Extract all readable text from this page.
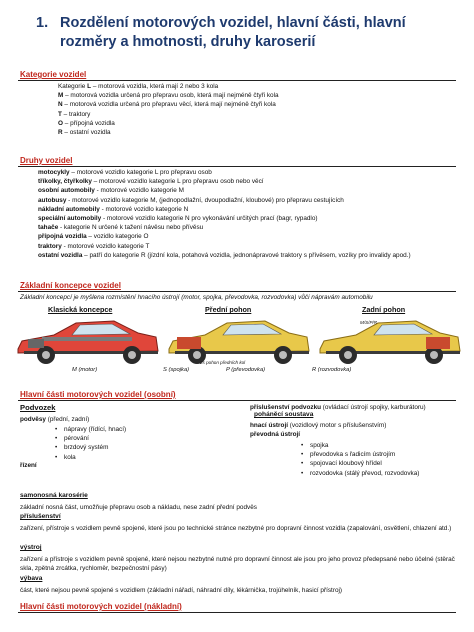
1. Rozdělení motorových vozidel, hlavní části, hlavní
rozměry a hmotnosti, druhy karoserií
Kategorie vozidel
Kategorie L – motorová vozidla, která mají 2 nebo 3 kola
M – motorová vozidla určená pro přepravu osob, která mají nejméně čtyři kola
N – motorová vozidla určená pro přepravu věcí, která mají nejméně čtyři kola
T – traktory
O – přípojná vozidla
R – ostatní vozidla
Druhy vozidel
motocykly – motorové vozidlo kategorie L pro přepravu osob
tříkolky, čtyřkolky – motorové vozidlo kategorie L pro přepravu osob nebo věcí
osobní automobily - motorové vozidlo kategorie M
autobusy - motorové vozidlo kategorie M, (jednopodlažní, dvoupodlažní, kloubové) pro přepravu cestujících
nákladní automobily - motorové vozidlo kategorie N
speciální automobily - motorové vozidlo kategorie N pro vykonávání určitých prací (bagr, rypadlo)
tahače - kategorie N určené k tažení návěsu nebo přívěsu
přípojná vozidla – vozidlo kategorie O
traktory - motorové vozidlo kategorie T
ostatní vozidla – patří do kategorie R (jízdní kola, potahová vozidla, jednonápravové traktory s přívěsem, vozíky pro invalidy apod.)
Základní koncepce vozidel
Základní koncepcí je myšlena rozmístění hnacího ústrojí (motor, spojka, převodovka, rozvodovka) vůči nápravám automobilu
Klasická koncepce	Přední pohon	Zadní pohon
M/S/P/R
2s pohon předních kol
M (motor)	S (spojka)	P (převodovka)	R (rozvodovka)
Hlavní části motorových vozidel (osobní)
Podvozek
podvěsy (přední, zadní)
• nápravy (řídící, hnací)
• pérování
• brzdový systém
• kola
řízení
příslušenství podvozku (ovládací ústrojí spojky, karburátoru)
poháněcí soustava
hnací ústrojí (vozidlový motor s příslušenstvím)
převodná ústrojí
• spojka
• převodovka s řadicím ústrojím
• spojovací kloubový hřídel
• rozvodovka (stálý převod, rozvodovka)
samonosná karosérie
základní nosná část, umožňuje přepravu osob a nákladu, nese zadní přední podvěs
příslušenství
zařízení, přístroje s vozidlem pevně spojené, které jsou po technické stránce nezbytné pro dopravní činnost vozidla (zapalování, osvětlení, chlazení atd.)
výstroj
zařízení a přístroje s vozidlem pevně spojené, které nejsou nezbytné nutné pro dopravní činnost ale jsou pro jeho provoz předepsané nebo účelné (stěrač skla, zpětná zrcátka, rychloměr, bezpečnostní pásy)
výbava
část, které nejsou pevně spojené s vozidlem (základní nářadí, náhradní díly, lékárnička, trojúhelník, hasicí přístroj)
Hlavní části motorových vozidel (nákladní)
